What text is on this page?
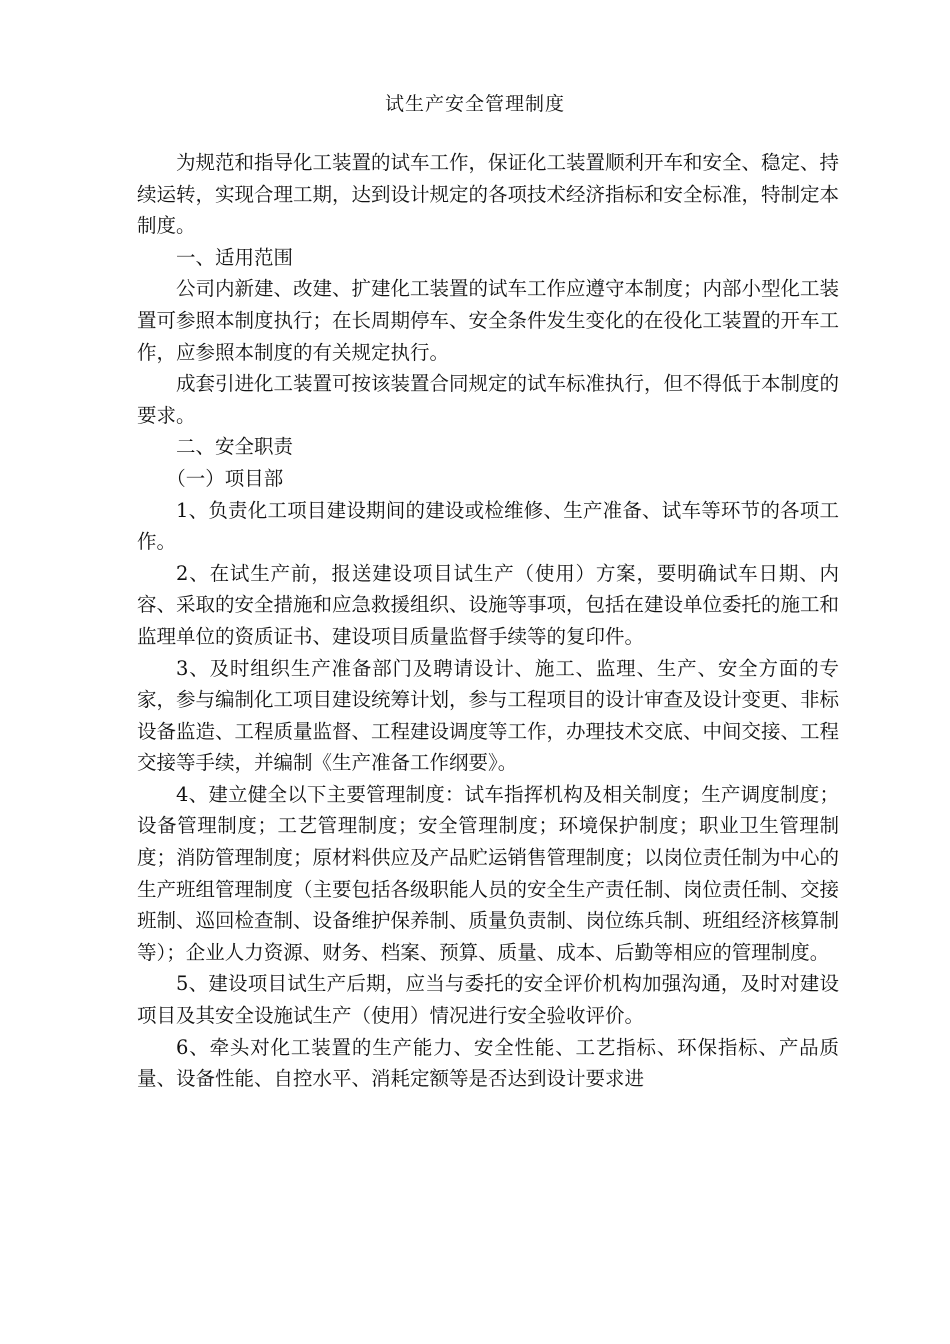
试生产安全管理制度

为规范和指导化工装置的试车工作，保证化工装置顺利开车和安全、稳定、持续运转，实现合理工期，达到设计规定的各项技术经济指标和安全标准，特制定本制度。

一、适用范围

公司内新建、改建、扩建化工装置的试车工作应遵守本制度；内部小型化工装置可参照本制度执行；在长周期停车、安全条件发生变化的在役化工装置的开车工作，应参照本制度的有关规定执行。

成套引进化工装置可按该装置合同规定的试车标准执行，但不得低于本制度的要求。

二、安全职责

（一）项目部

1、负责化工项目建设期间的建设或检维修、生产准备、试车等环节的各项工作。

2、在试生产前，报送建设项目试生产（使用）方案，要明确试车日期、内容、采取的安全措施和应急救援组织、设施等事项，包括在建设单位委托的施工和监理单位的资质证书、建设项目质量监督手续等的复印件。

3、及时组织生产准备部门及聘请设计、施工、监理、生产、安全方面的专家，参与编制化工项目建设统筹计划，参与工程项目的设计审查及设计变更、非标设备监造、工程质量监督、工程建设调度等工作，办理技术交底、中间交接、工程交接等手续，并编制《生产准备工作纲要》。

4、建立健全以下主要管理制度：试车指挥机构及相关制度；生产调度制度；设备管理制度；工艺管理制度；安全管理制度；环境保护制度；职业卫生管理制度；消防管理制度；原材料供应及产品贮运销售管理制度；以岗位责任制为中心的生产班组管理制度（主要包括各级职能人员的安全生产责任制、岗位责任制、交接班制、巡回检查制、设备维护保养制、质量负责制、岗位练兵制、班组经济核算制等）；企业人力资源、财务、档案、预算、质量、成本、后勤等相应的管理制度。

5、建设项目试生产后期，应当与委托的安全评价机构加强沟通，及时对建设项目及其安全设施试生产（使用）情况进行安全验收评价。

6、牵头对化工装置的生产能力、安全性能、工艺指标、环保指标、产品质量、设备性能、自控水平、消耗定额等是否达到设计要求进
